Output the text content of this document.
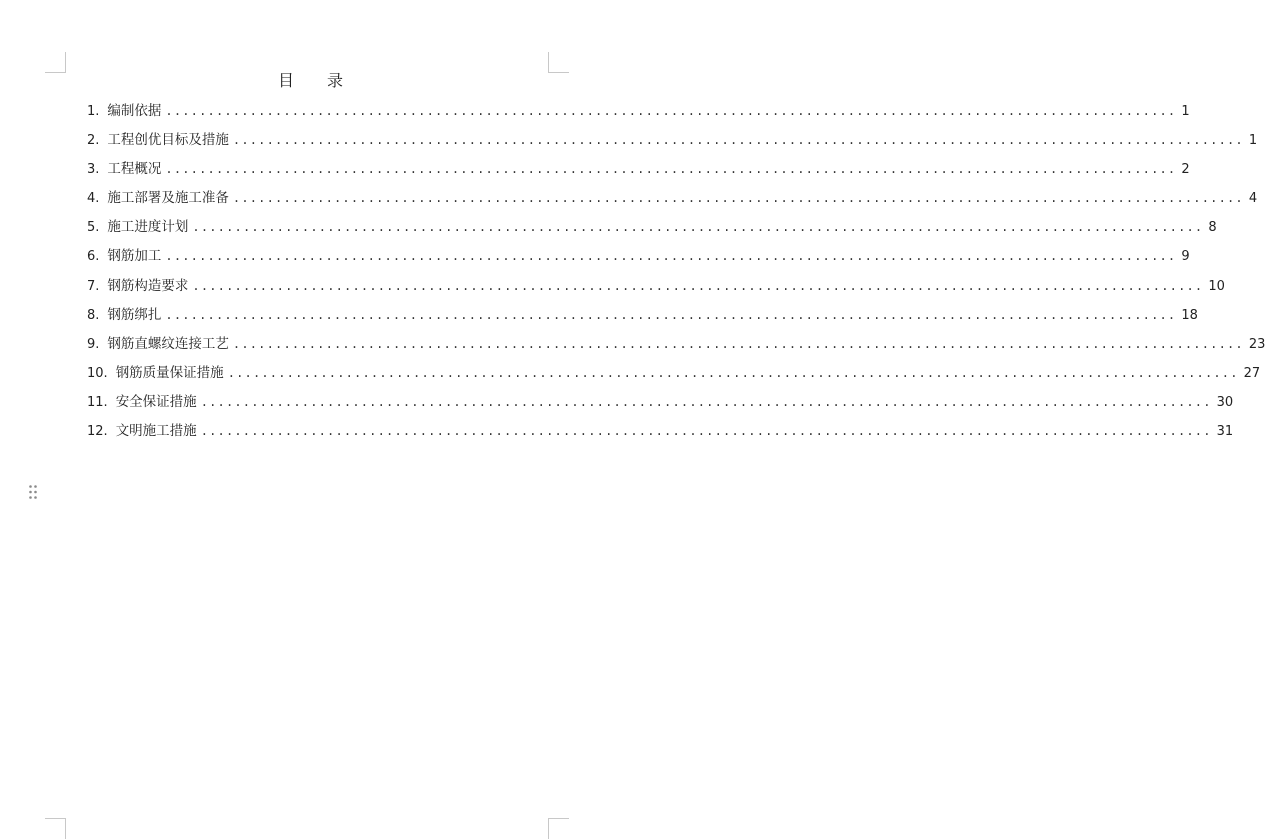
目 录
1. 编制依据 ........................................................................................................................ 1
2. 工程创优目标及措施 ........................................................................................................................ 1
3. 工程概况 ........................................................................................................................ 2
4. 施工部署及施工准备 ........................................................................................................................ 4
5. 施工进度计划 ........................................................................................................................ 8
6. 钢筋加工 ........................................................................................................................ 9
7. 钢筋构造要求 ........................................................................................................................ 10
8. 钢筋绑扎 ........................................................................................................................ 18
9. 钢筋直螺纹连接工艺 ........................................................................................................................ 23
10. 钢筋质量保证措施 ........................................................................................................................ 27
11. 安全保证措施 ........................................................................................................................ 30
12. 文明施工措施 ........................................................................................................................ 31
